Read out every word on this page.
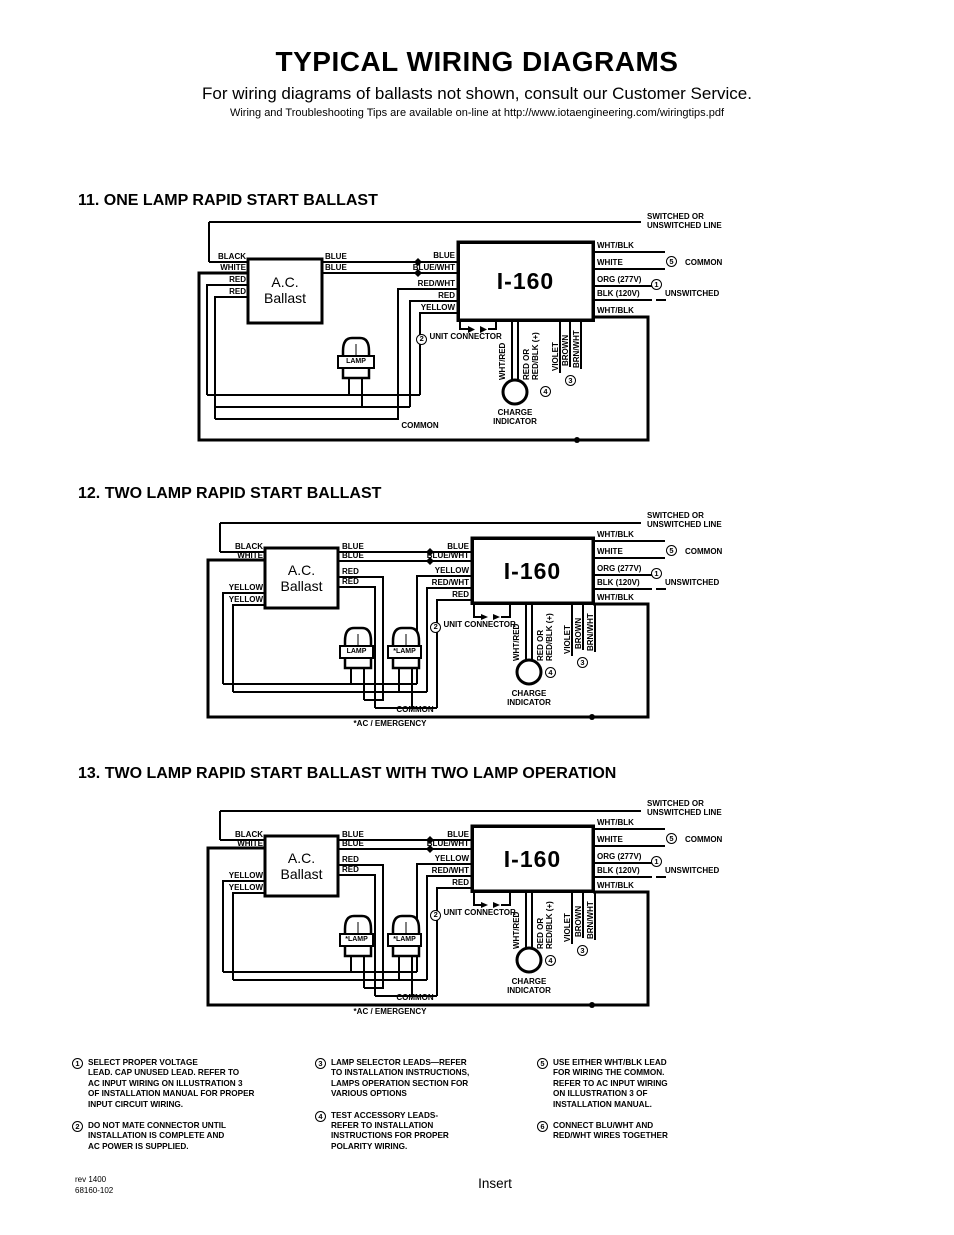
TYPICAL WIRING DIAGRAMS
For wiring diagrams of ballasts not shown, consult our Customer Service.
Wiring and Troubleshooting Tips are available on-line at http://www.iotaengineering.com/wiringtips.pdf
11. ONE LAMP RAPID START BALLAST
SWITCHED OR
UNSWITCHED LINE
BLACK
WHITE
RED
RED
BLUE
BLUE
BLUE
BLUE/WHT
RED/WHT
RED
YELLOW
WHT/BLK
WHITE
ORG (277V)
BLK (120V)
WHT/BLK
5	COMMON
1
UNSWITCHED
A.C.
Ballast
I-160
2 UNIT CONNECTOR
WHT/RED RED OR
RED/BLK (+)
VIOLET BROWN BRN/WHT
3
4
CHARGE
INDICATOR
COMMON
LAMP
12. TWO LAMP RAPID START BALLAST
SWITCHED OR
UNSWITCHED LINE
BLACK
WHITE
YELLOW
YELLOW
BLUE
BLUE
RED
RED
BLUE
BLUE/WHT
YELLOW
RED/WHT
RED
WHT/BLK
WHITE
ORG (277V)
BLK (120V)
WHT/BLK
5	COMMON
1
UNSWITCHED
A.C.
Ballast
I-160
2 UNIT CONNECTOR
WHT/RED RED OR
RED/BLK (+)
VIOLET BROWN BRN/WHT
3
4
CHARGE
INDICATOR
COMMON
*AC / EMERGENCY
LAMP	*LAMP
13. TWO LAMP RAPID START BALLAST WITH TWO LAMP OPERATION
SWITCHED OR
UNSWITCHED LINE
BLACK
WHITE
YELLOW
YELLOW
BLUE
BLUE
RED
RED
BLUE
BLUE/WHT
YELLOW
RED/WHT
RED
WHT/BLK
WHITE
ORG (277V)
BLK (120V)
WHT/BLK
5	COMMON
1
UNSWITCHED
A.C.
Ballast
I-160
2 UNIT CONNECTOR
WHT/RED RED OR
RED/BLK (+)
VIOLET BROWN BRN/WHT
3
4
CHARGE
INDICATOR
COMMON
*AC / EMERGENCY
*LAMP	*LAMP
1	SELECT PROPER VOLTAGE
LEAD. CAP UNUSED LEAD. REFER TO
AC INPUT WIRING ON ILLUSTRATION 3
OF INSTALLATION MANUAL FOR PROPER
INPUT CIRCUIT WIRING.
2	DO NOT MATE CONNECTOR UNTIL
INSTALLATION IS COMPLETE AND
AC POWER IS SUPPLIED.
3	LAMP SELECTOR LEADS—REFER
TO INSTALLATION INSTRUCTIONS,
LAMPS OPERATION SECTION FOR
VARIOUS OPTIONS
4	TEST ACCESSORY LEADS-
REFER TO INSTALLATION
INSTRUCTIONS FOR PROPER
POLARITY WIRING.
5	USE EITHER WHT/BLK LEAD
FOR WIRING THE COMMON.
REFER TO AC INPUT WIRING
ON ILLUSTRATION 3 OF
INSTALLATION MANUAL.
6	CONNECT BLU/WHT AND
RED/WHT WIRES TOGETHER
rev 1400
68160-102	Insert
